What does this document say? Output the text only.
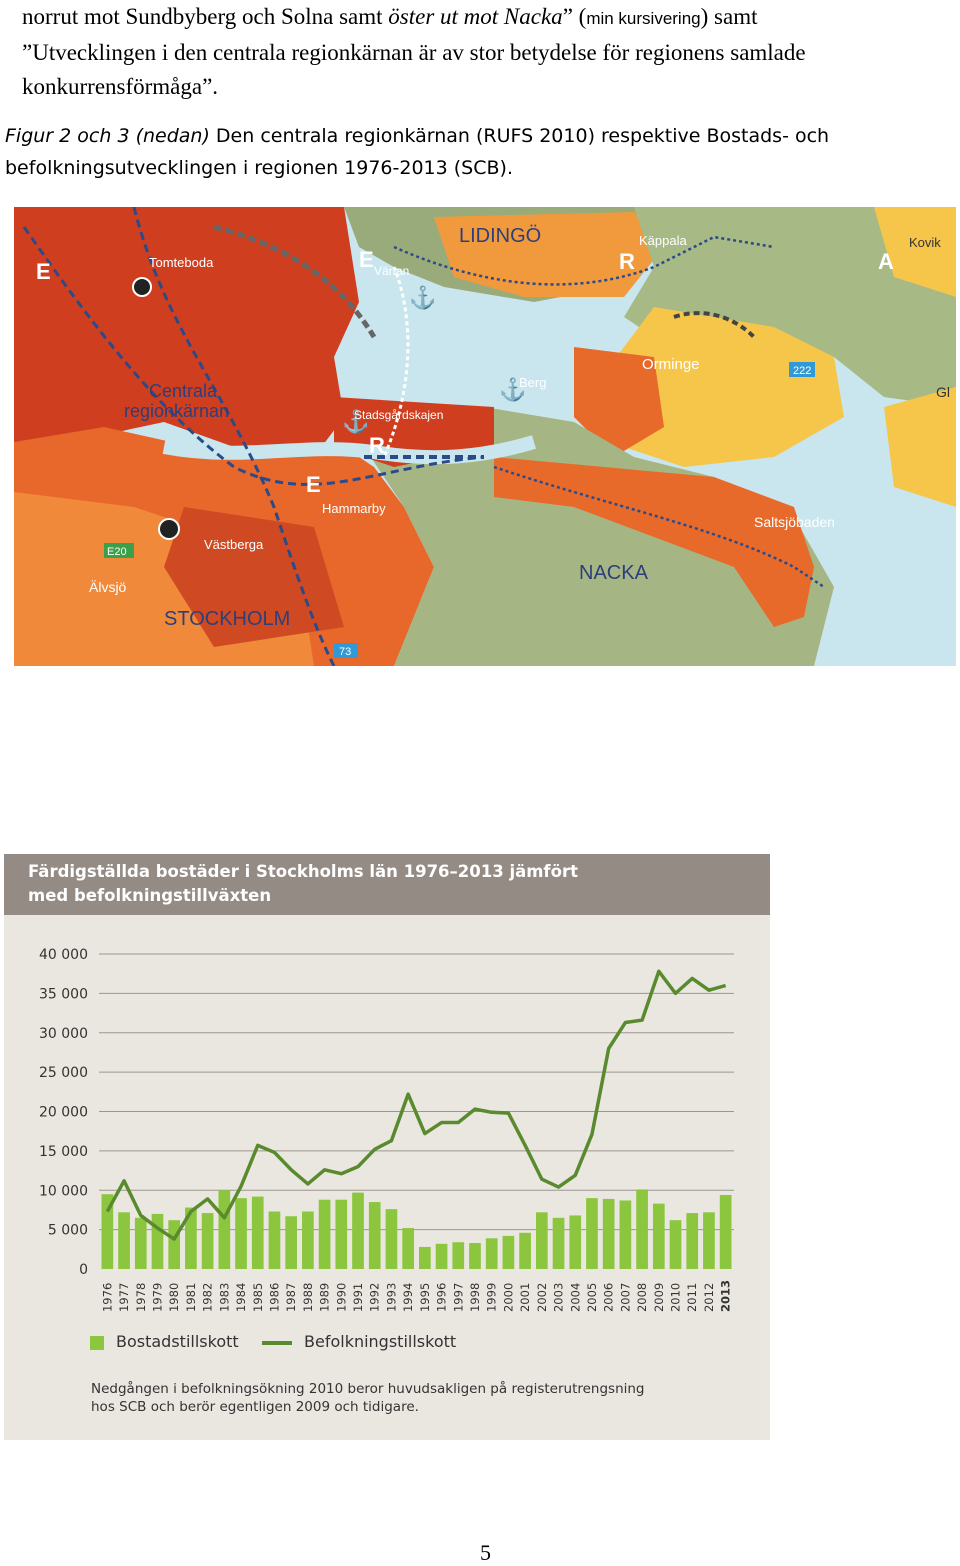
norrut mot Sundbyberg och Solna samt öster ut mot Nacka” (min kursivering) samt
”Utvecklingen i den centrala regionkärnan är av stor betydelse för regionens samlade
konkurrensförmåga”.
Figur 2 och 3 (nedan) Den centrala regionkärnan (RUFS 2010) respektive Bostads- och
befolkningsutvecklingen i regionen 1976-2013 (SCB).
⚓
⚓
⚓
LIDINGÖ	Käppala	Kovik
Tomteboda
Värtan
Orminge
Berg
Centrala
regionkärnan	Stadsgårdskajen
Hammarby
Saltsjöbaden
NACKA
Västberga
Älvsjö
STOCKHOLM
Gl
E	E
E
R
R
A
222
73
E20
Färdigställda bostäder i Stockholms län 1976–2013 jämfört
med befolkningstillväxten
0
5 000
10 000
15 000
20 000
25 000
30 000
35 000
40 000
1976 1977 1978 1979 1980 1981 1982 1983 1984 1985 1986 1987 1988 1989 1990 1991 1992 1993 1994 1995 1996 1997 1998 1999 2000 2001 2002 2003 2004 2005 2006 2007 2008 2009 2010 2011 2012 2013
Bostadstillskott	Befolkningstillskott
Nedgången i befolkningsökning 2010 beror huvudsakligen på registerutrengsning
hos SCB och berör egentligen 2009 och tidigare.
5
